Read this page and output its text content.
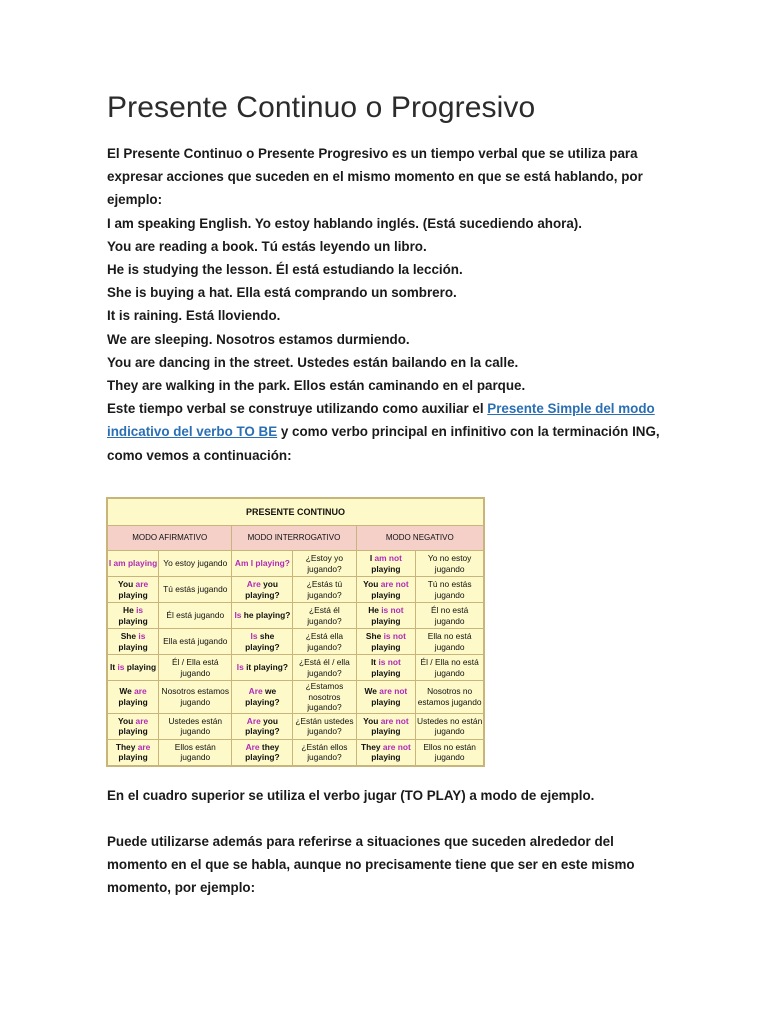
Presente Continuo o Progresivo

El Presente Continuo o Presente Progresivo es un tiempo verbal que se utiliza para

expresar acciones que suceden en el mismo momento en que se está hablando, por

ejemplo:

I am speaking English. Yo estoy hablando inglés. (Está sucediendo ahora).

You are reading a book. Tú estás leyendo un libro.

He is studying the lesson. Él está estudiando la lección.

She is buying a hat. Ella está comprando un sombrero.

It is raining. Está lloviendo.

We are sleeping. Nosotros estamos durmiendo.

You are dancing in the street. Ustedes están bailando en la calle.

They are walking in the park. Ellos están caminando en el parque.

Este tiempo verbal se construye utilizando como auxiliar el Presente Simple del modo

indicativo del verbo TO BE y como verbo principal en infinitivo con la terminación ING,

como vemos a continuación:

PRESENTE CONTINUO					
MODO AFIRMATIVO		MODO INTERROGATIVO		MODO NEGATIVO	
I am playing	Yo estoy jugando	Am I playing?	¿Estoy yo jugando?	I am not playing	Yo no estoy jugando
You are playing	Tú estás jugando	Are you playing?	¿Estás tú jugando?	You are not playing	Tú no estás jugando
He is playing	Él está jugando	Is he playing?	¿Está él jugando?	He is not playing	Él no está jugando
She is playing	Ella está jugando	Is she playing?	¿Está ella jugando?	She is not playing	Ella no está jugando
It is playing	Él / Ella está jugando	Is it playing?	¿Está él / ella jugando?	It is not playing	Él / Ella no está jugando
We are playing	Nosotros estamos jugando	Are we playing?	¿Estamos nosotros jugando?	We are not playing	Nosotros no estamos jugando
You are playing	Ustedes están jugando	Are you playing?	¿Están ustedes jugando?	You are not playing	Ustedes no están jugando
They are playing	Ellos están jugando	Are they playing?	¿Están ellos jugando?	They are not playing	Ellos no están jugando

En el cuadro superior se utiliza el verbo jugar (TO PLAY) a modo de ejemplo.

Puede utilizarse además para referirse a situaciones que suceden alrededor del

momento en el que se habla, aunque no precisamente tiene que ser en este mismo

momento, por ejemplo:
